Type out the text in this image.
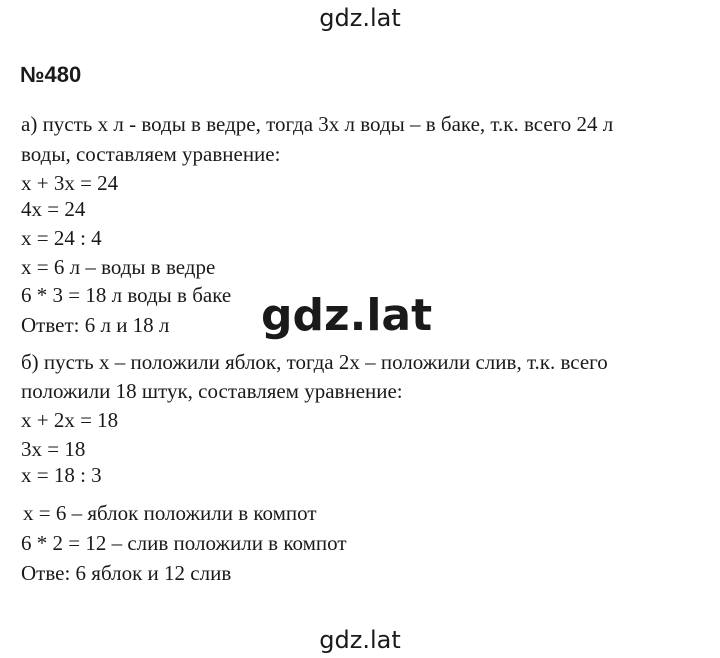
gdz.lat
№480
а) пусть х л - воды в ведре, тогда 3х л воды – в баке, т.к. всего 24 л
воды, составляем уравнение:
х + 3х = 24
4х = 24
х = 24 : 4
х = 6 л – воды в ведре
6 * 3 = 18 л воды в баке
Ответ: 6 л и 18 л gdz.lat
б) пусть х – положили яблок, тогда 2х – положили слив, т.к. всего
положили 18 штук, составляем уравнение:
х + 2х = 18
3х = 18
х = 18 : 3
х = 6 – яблок положили в компот
6 * 2 = 12 – слив положили в компот
Отве: 6 яблок и 12 слив
gdz.lat
